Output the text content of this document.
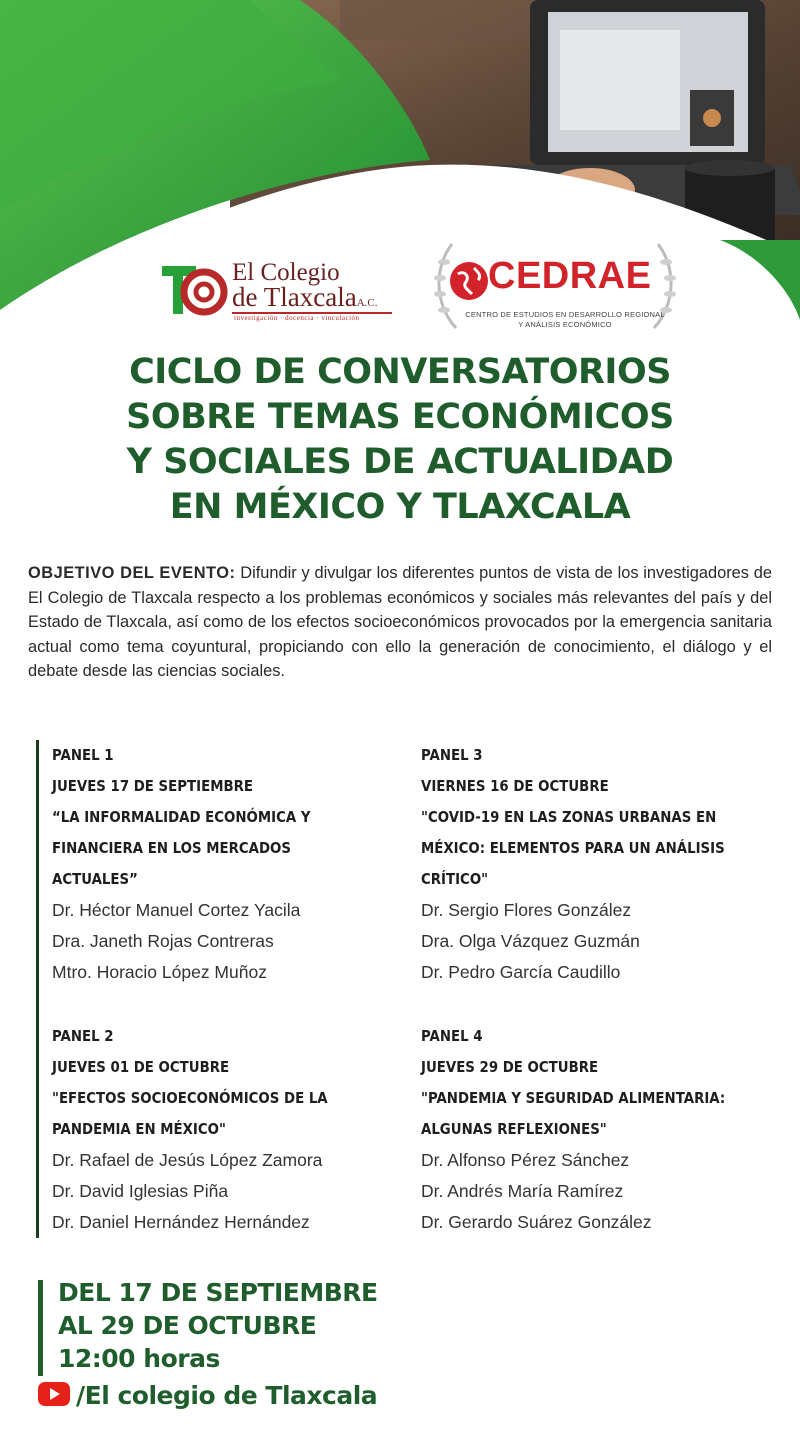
El Colegio
de TlaxcalaA.C.
investigación · docencia · vinculación
CEDRAE
CENTRO DE ESTUDIOS EN DESARROLLO REGIONAL
Y ANÁLISIS ECONÓMICO
CICLO DE CONVERSATORIOS
SOBRE TEMAS ECONÓMICOS
Y SOCIALES DE ACTUALIDAD
EN MÉXICO Y TLAXCALA
OBJETIVO DEL EVENTO: Difundir y divulgar los diferentes puntos de vista de los investigadores de El Colegio de Tlaxcala respecto a los problemas económicos y sociales más relevantes del país y del Estado de Tlaxcala, así como de los efectos socioeconómicos provocados por la emergencia sanitaria actual como tema coyuntural, propiciando con ello la generación de conocimiento, el diálogo y el debate desde las ciencias sociales.
PANEL 1
JUEVES 17 DE SEPTIEMBRE
“LA INFORMALIDAD ECONÓMICA Y
FINANCIERA EN LOS MERCADOS
ACTUALES”
Dr. Héctor Manuel Cortez Yacila
Dra. Janeth Rojas Contreras
Mtro. Horacio López Muñoz
PANEL 2
JUEVES 01 DE OCTUBRE
"EFECTOS SOCIOECONÓMICOS DE LA
PANDEMIA EN MÉXICO"
Dr. Rafael de Jesús López Zamora
Dr. David Iglesias Piña
Dr. Daniel Hernández Hernández
PANEL 3
VIERNES 16 DE OCTUBRE
"COVID-19 EN LAS ZONAS URBANAS EN
MÉXICO: ELEMENTOS PARA UN ANÁLISIS
CRÍTICO"
Dr. Sergio Flores González
Dra. Olga Vázquez Guzmán
Dr. Pedro García Caudillo
PANEL 4
JUEVES 29 DE OCTUBRE
"PANDEMIA Y SEGURIDAD ALIMENTARIA:
ALGUNAS REFLEXIONES"
Dr. Alfonso Pérez Sánchez
Dr. Andrés María Ramírez
Dr. Gerardo Suárez González
DEL 17 DE SEPTIEMBRE
AL 29 DE OCTUBRE
12:00 horas
/El colegio de Tlaxcala
